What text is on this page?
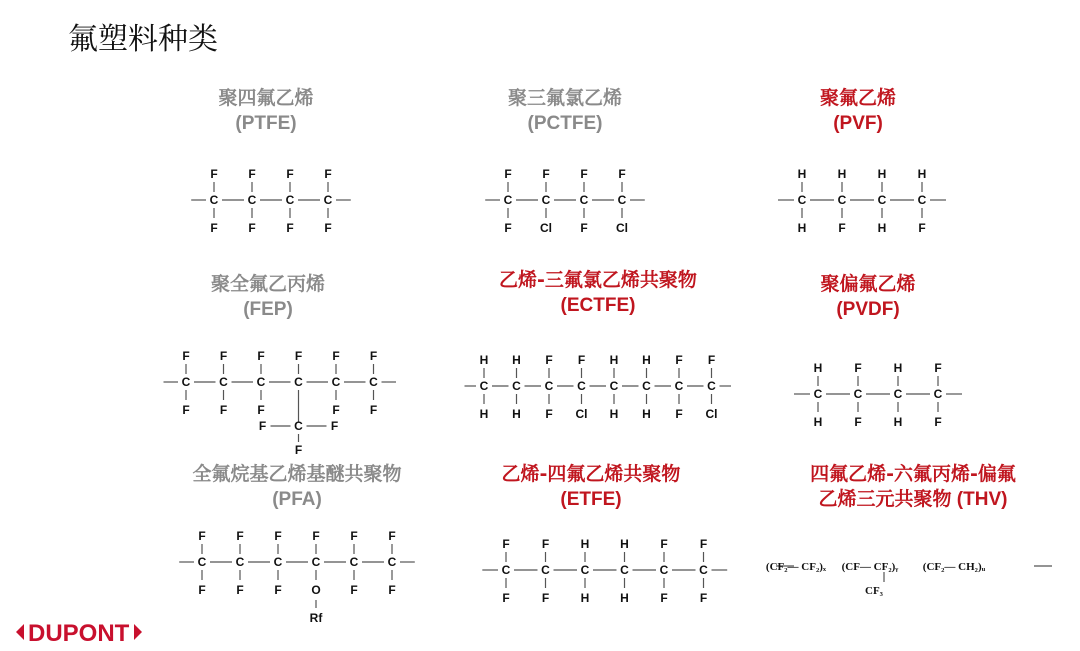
氟塑料种类
聚四氟乙烯
(PTFE)
聚三氟氯乙烯
(PCTFE)
聚氟乙烯
(PVF)
聚全氟乙丙烯
(FEP)
乙烯-三氟氯乙烯共聚物
(ECTFE)
聚偏氟乙烯
(PVDF)
全氟烷基乙烯基醚共聚物
(PFA)
乙烯-四氟乙烯共聚物
(ETFE)
四氟乙烯-六氟丙烯-偏氟
乙烯三元共聚物 (THV)
C
F
F
C
F
F
C
F
F
C
F
F
C
F
F
C
F
Cl
C
F
F
C
F
Cl
C
H
H
C
H
F
C
H
H
C
H
F
C
F
F
C
F
F
C
F
F
C
F
C
F
F
C
F
F
F C F
F
C
H
H
C
H
H
C
F
F
C
F
Cl
C
H
H
C
H
H
C
F
F
C
F
Cl
C
H
H
C
F
F
C
H
H
C
F
F
C
F
F
C
F
F
C
F
F
C
F
O
C
F
F
C
F
F
Rf
C
F
F
C
F
F
C
H
H
C
H
H
C
F
F
C
F
F
(CF₂— CF₂)ₓ (CF— CF₂)ᵧ (CF₂— CH₂)ᵤ
CF₃
DUPONT
